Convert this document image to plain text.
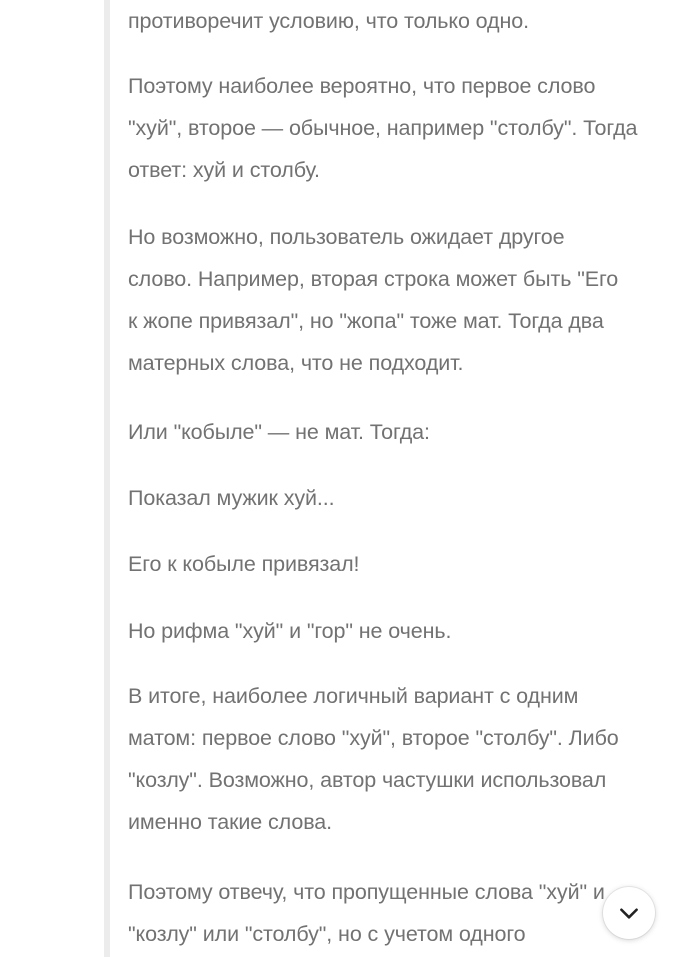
противоречит условию, что только одно.

Поэтому наиболее вероятно, что первое слово
"хуй", второе — обычное, например "столбу". Тогда
ответ: хуй и столбу.

Но возможно, пользователь ожидает другое
слово. Например, вторая строка может быть "Его
к жопе привязал", но "жопа" тоже мат. Тогда два
матерных слова, что не подходит.

Или "кобыле" — не мат. Тогда:

Показал мужик хуй...

Его к кобыле привязал!

Но рифма "хуй" и "гор" не очень.

В итоге, наиболее логичный вариант с одним
матом: первое слово "хуй", второе "столбу". Либо
"козлу". Возможно, автор частушки использовал
именно такие слова.

Поэтому отвечу, что пропущенные слова "хуй" и
"козлу" или "столбу", но с учетом одного
